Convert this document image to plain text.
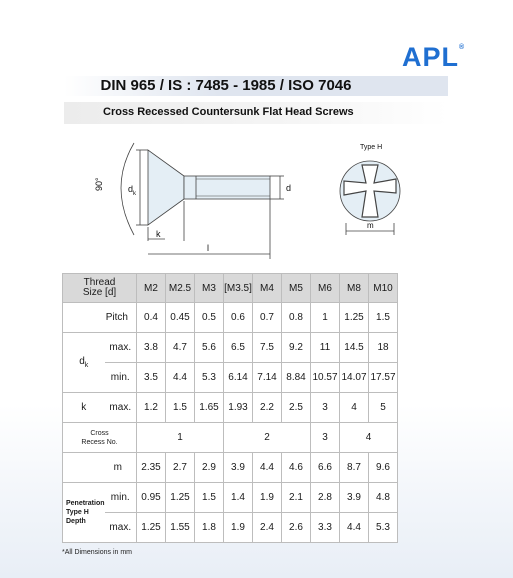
APL®
DIN 965 / IS : 7485 - 1985 / ISO 7046
Cross Recessed Countersunk Flat Head Screws
90°	d k
d
k
l
Type H
m
Thread
Size [d]		M2	M2.5	M3	[M3.5]	M4	M5	M6	M8	M10
Pitch		0.4	0.45	0.5	0.6	0.7	0.8	1	1.25	1.5
$d_k$	max.	3.8	4.7	5.6	6.5	7.5	9.2	11	14.5	18
	min.	3.5	4.4	5.3	6.14	7.14	8.84	10.57	14.07	17.57
k	max.	1.2	1.5	1.65	1.93	2.2	2.5	3	4	5
Cross
Recess No.		1			2			3	4	
m		2.35	2.7	2.9	3.9	4.4	4.6	6.6	8.7	9.6
Penetration
Type H
Depth	min.	0.95	1.25	1.5	1.4	1.9	2.1	2.8	3.9	4.8
	max.	1.25	1.55	1.8	1.9	2.4	2.6	3.3	4.4	5.3
*All Dimensions in mm
